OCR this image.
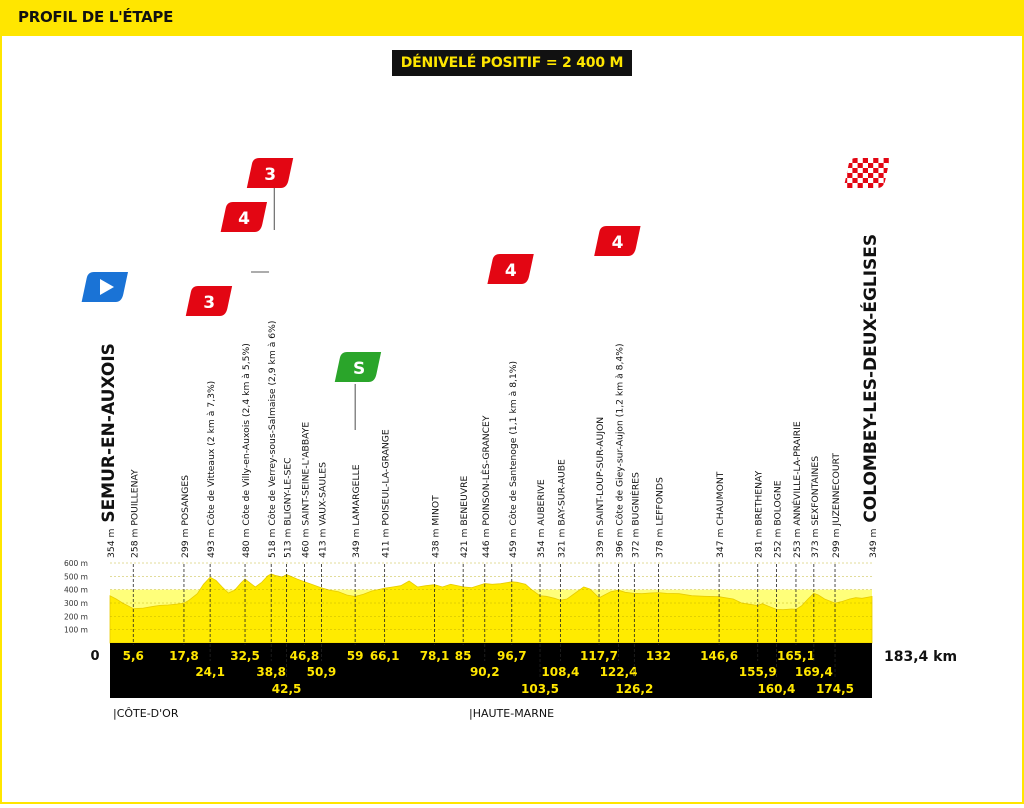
600 m
500 m
400 m
300 m
200 m
100 m
0	183,4 km
5,6 17,8
24,1
32,5
38,8
42,5
46,8
50,9
59 66,1 78,1 85
90,2
96,7
103,5
108,4
117,7
122,4
126,2
132 146,6
155,9
160,4
165,1
169,4
174,5
354 m SEMUR-EN-AUXOIS 258 m POUILLENAY	299 m POSANGES 493 m Côte de Vitteaux (2 km à 7,3%)	480 m Côte de Villy-en-Auxois (2,4 km à 5,5%) 518 m Côte de Verrey-sous-Salmaise (2,9 km à 6%) 513 m BLIGNY-LE-SEC 460 m SAINT-SEINE-L'ABBAYE 413 m VAUX-SAULES 349 m LAMARGELLE 411 m POISEUL-LA-GRANGE	438 m MINOT 421 m BENEUVRE 446 m POINSON-LÈS-GRANCEY 459 m Côte de Santenoge (1,1 km à 8,1%) 354 m AUBERIVE 321 m BAY-SUR-AUBE	339 m SAINT-LOUP-SUR-AUJON 396 m Côte de Giey-sur-Aujon (1,2 km à 8,4%) 372 m BUGNIÈRES 378 m LEFFONDS	347 m CHAUMONT	281 m BRETHENAY 252 m BOLOGNE 253 m ANNÉVILLE-LA-PRAIRIE 373 m SEXFONTAINES 299 m JUZENNECOURT	349 m COLOMBEY-LES-DEUX-ÉGLISES
3
4
3
S
4
4
|CÔTE-D'OR	|HAUTE-MARNE
PROFIL DE L'ÉTAPE
DÉNIVELÉ POSITIF = 2 400 M
